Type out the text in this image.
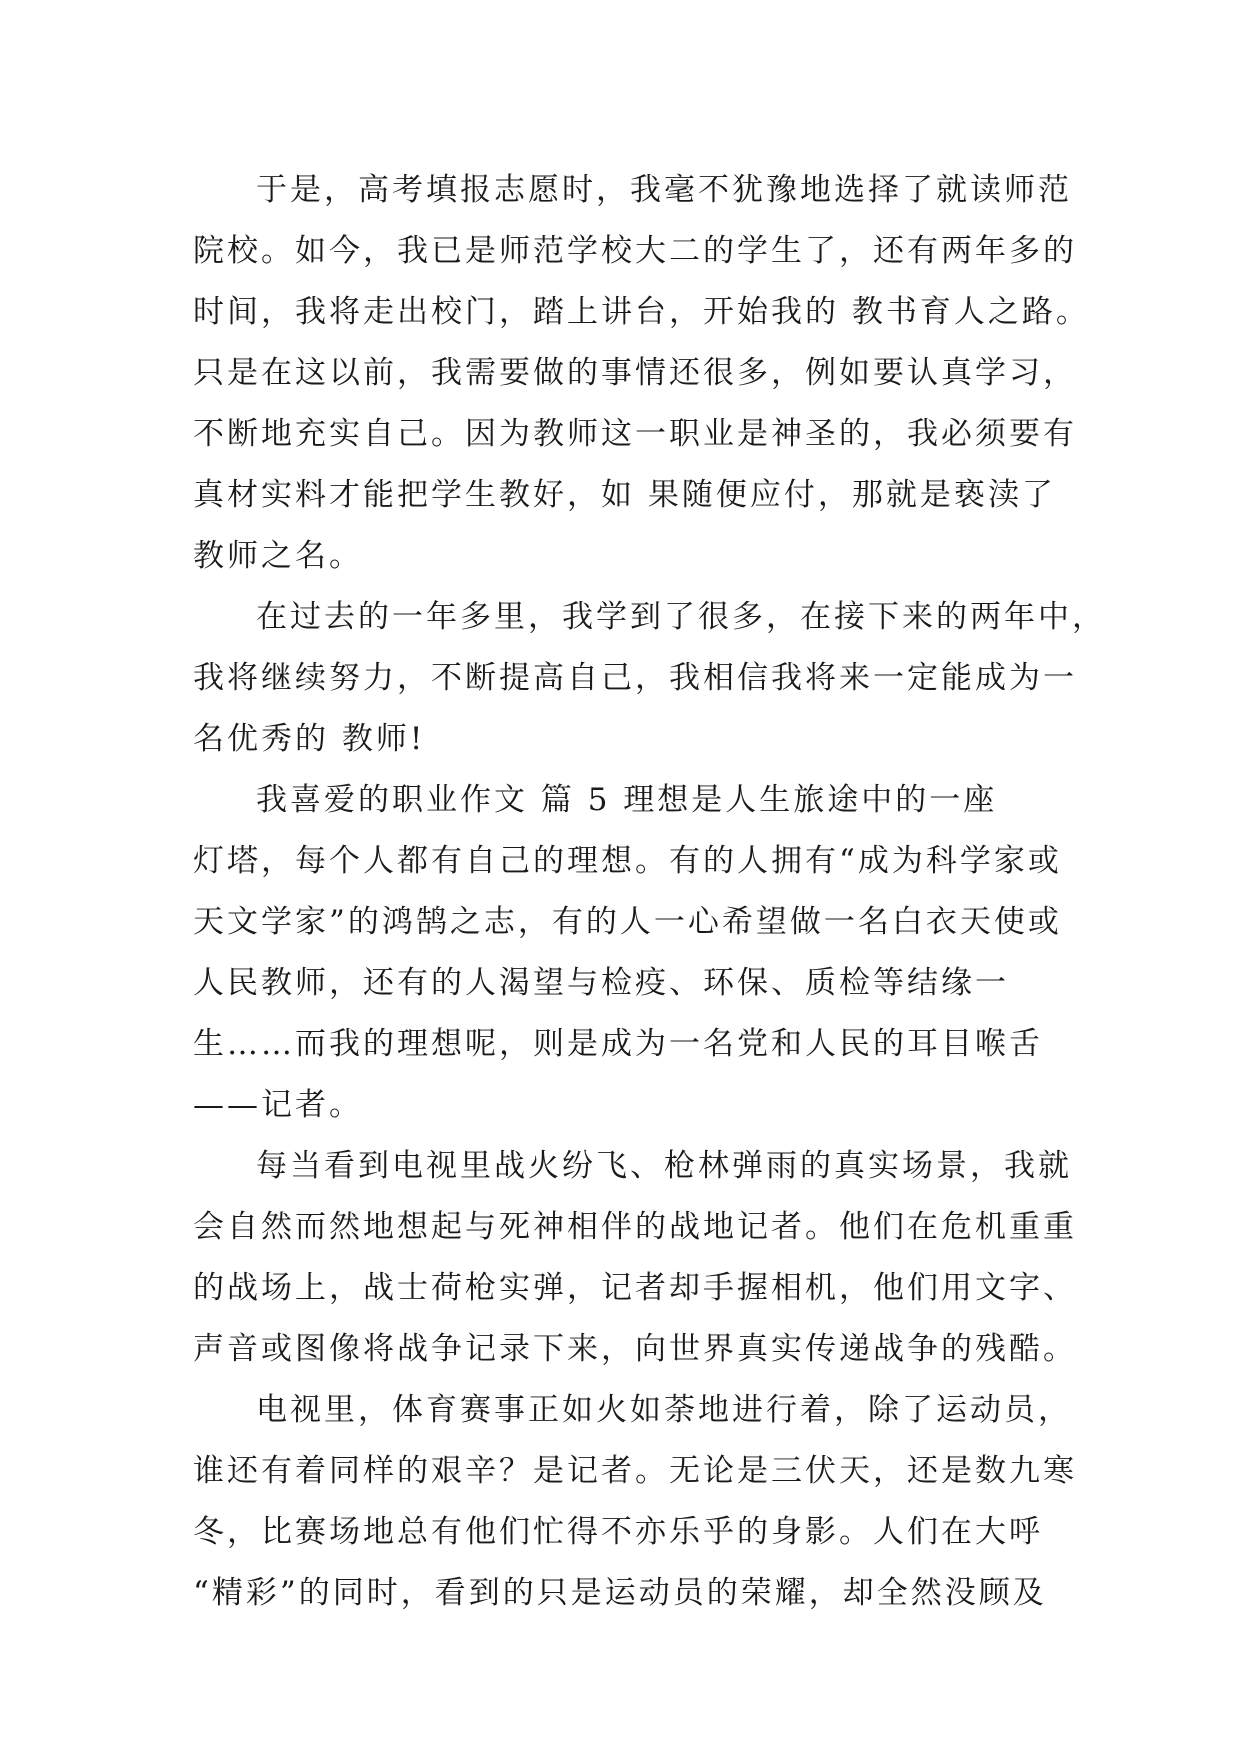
于是，高考填报志愿时，我毫不犹豫地选择了就读师范
院校。如今，我已是师范学校大二的学生了，还有两年多的
时间，我将走出校门，踏上讲台，开始我的 教书育人之路。
只是在这以前，我需要做的事情还很多，例如要认真学习，
不断地充实自己。因为教师这一职业是神圣的，我必须要有
真材实料才能把学生教好，如 果随便应付，那就是亵渎了
教师之名。
在过去的一年多里，我学到了很多，在接下来的两年中，
我将继续努力，不断提高自己，我相信我将来一定能成为一
名优秀的 教师!
我喜爱的职业作文 篇 5 理想是人生旅途中的一座
灯塔，每个人都有自己的理想。有的人拥有“成为科学家或
天文学家”的鸿鹄之志，有的人一心希望做一名白衣天使或
人民教师，还有的人渴望与检疫、环保、质检等结缘一
生……而我的理想呢，则是成为一名党和人民的耳目喉舌
——记者。
每当看到电视里战火纷飞、枪林弹雨的真实场景，我就
会自然而然地想起与死神相伴的战地记者。他们在危机重重
的战场上，战士荷枪实弹，记者却手握相机，他们用文字、
声音或图像将战争记录下来，向世界真实传递战争的残酷。
电视里，体育赛事正如火如荼地进行着，除了运动员，
谁还有着同样的艰辛？是记者。无论是三伏天，还是数九寒
冬，比赛场地总有他们忙得不亦乐乎的身影。人们在大呼
“精彩”的同时，看到的只是运动员的荣耀，却全然没顾及
